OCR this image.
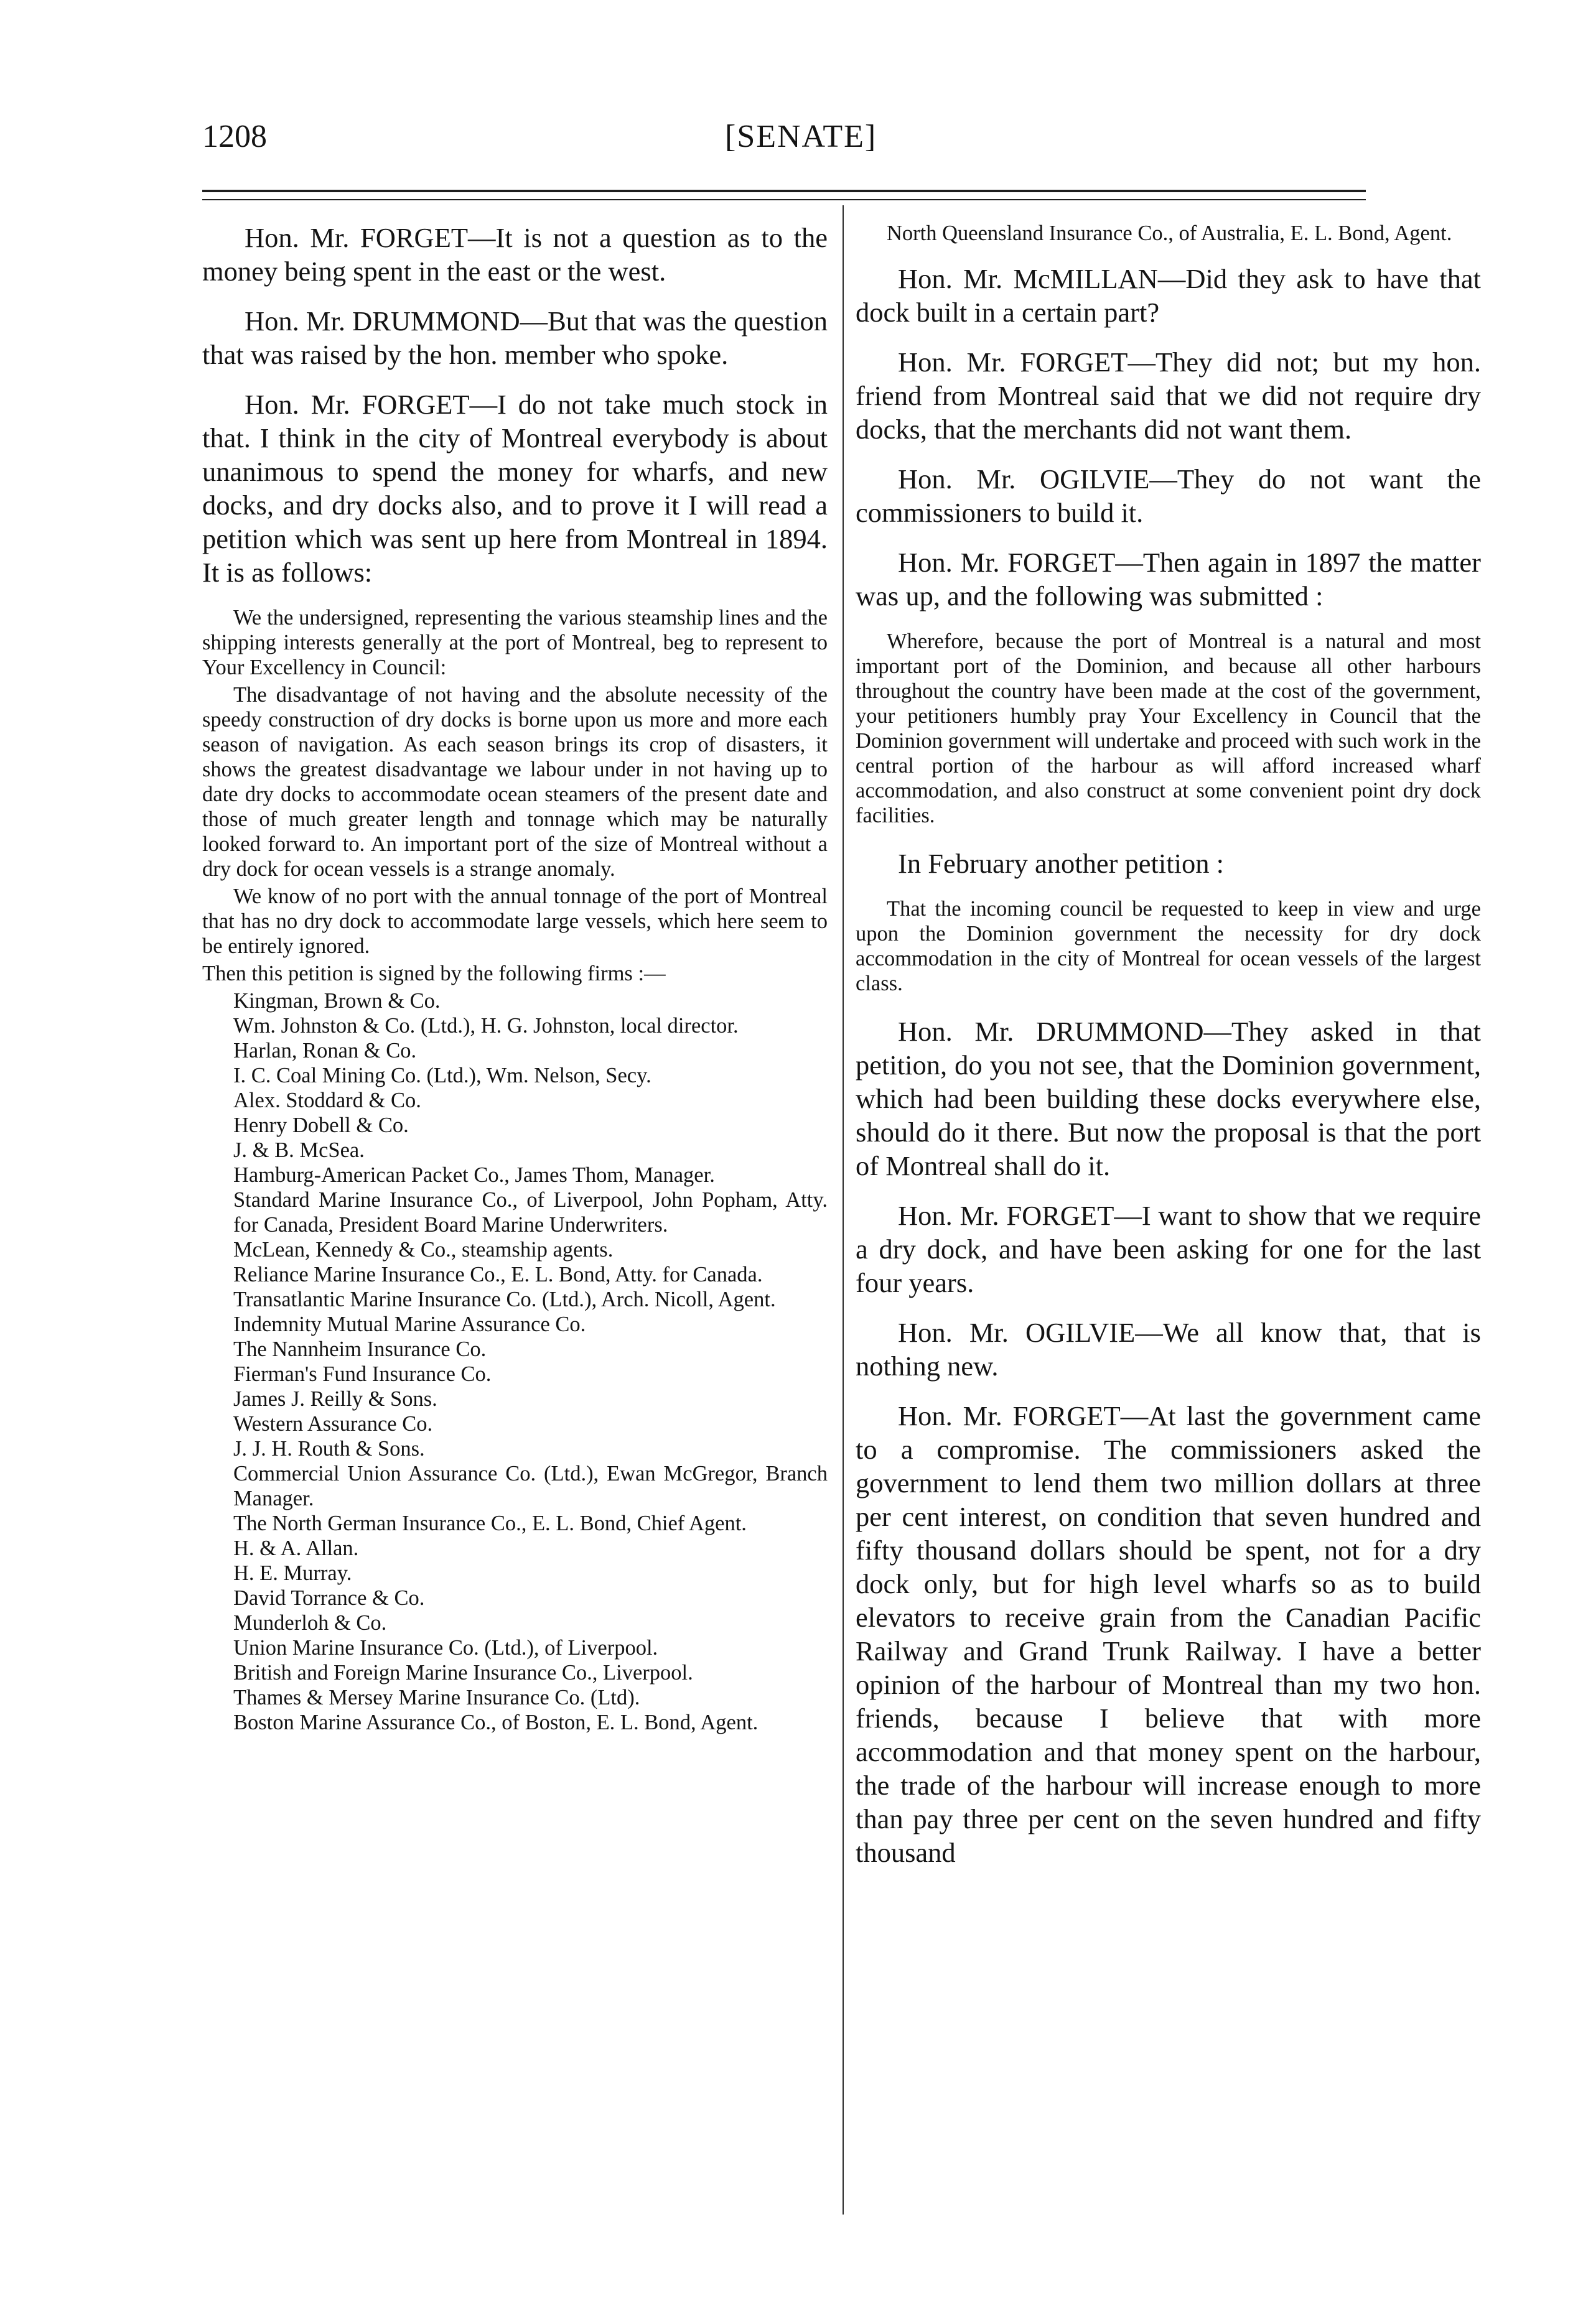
1208	[SENATE]

Hon. Mr. FORGET—It is not a question as to the money being spent in the east or the west.

Hon. Mr. DRUMMOND—But that was the question that was raised by the hon. member who spoke.

Hon. Mr. FORGET—I do not take much stock in that. I think in the city of Montreal everybody is about unanimous to spend the money for wharfs, and new docks, and dry docks also, and to prove it I will read a petition which was sent up here from Montreal in 1894. It is as follows:

We the undersigned, representing the various steamship lines and the shipping interests generally at the port of Montreal, beg to represent to Your Excellency in Council:

The disadvantage of not having and the absolute necessity of the speedy construction of dry docks is borne upon us more and more each season of navigation. As each season brings its crop of disasters, it shows the greatest disadvantage we labour under in not having up to date dry docks to accommodate ocean steamers of the present date and those of much greater length and tonnage which may be naturally looked forward to. An important port of the size of Montreal without a dry dock for ocean vessels is a strange anomaly.

We know of no port with the annual tonnage of the port of Montreal that has no dry dock to accommodate large vessels, which here seem to be entirely ignored.

Then this petition is signed by the following firms :—

Kingman, Brown & Co.

Wm. Johnston & Co. (Ltd.), H. G. Johnston, local director.

Harlan, Ronan & Co.

I. C. Coal Mining Co. (Ltd.), Wm. Nelson, Secy.

Alex. Stoddard & Co.

Henry Dobell & Co.

J. & B. McSea.

Hamburg-American Packet Co., James Thom, Manager.

Standard Marine Insurance Co., of Liverpool, John Popham, Atty. for Canada, President Board Marine Underwriters.

McLean, Kennedy & Co., steamship agents.

Reliance Marine Insurance Co., E. L. Bond, Atty. for Canada.

Transatlantic Marine Insurance Co. (Ltd.), Arch. Nicoll, Agent.

Indemnity Mutual Marine Assurance Co.

The Nannheim Insurance Co.

Fierman's Fund Insurance Co.

James J. Reilly & Sons.

Western Assurance Co.

J. J. H. Routh & Sons.

Commercial Union Assurance Co. (Ltd.), Ewan McGregor, Branch Manager.

The North German Insurance Co., E. L. Bond, Chief Agent.

H. & A. Allan.

H. E. Murray.

David Torrance & Co.

Munderloh & Co.

Union Marine Insurance Co. (Ltd.), of Liverpool.

British and Foreign Marine Insurance Co., Liverpool.

Thames & Mersey Marine Insurance Co. (Ltd).

Boston Marine Assurance Co., of Boston, E. L. Bond, Agent.

North Queensland Insurance Co., of Australia, E. L. Bond, Agent.

Hon. Mr. McMILLAN—Did they ask to have that dock built in a certain part?

Hon. Mr. FORGET—They did not; but my hon. friend from Montreal said that we did not require dry docks, that the merchants did not want them.

Hon. Mr. OGILVIE—They do not want the commissioners to build it.

Hon. Mr. FORGET—Then again in 1897 the matter was up, and the following was submitted :

Wherefore, because the port of Montreal is a natural and most important port of the Dominion, and because all other harbours throughout the country have been made at the cost of the government, your petitioners humbly pray Your Excellency in Council that the Dominion government will undertake and proceed with such work in the central portion of the harbour as will afford increased wharf accommodation, and also construct at some convenient point dry dock facilities.

In February another petition :

That the incoming council be requested to keep in view and urge upon the Dominion government the necessity for dry dock accommodation in the city of Montreal for ocean vessels of the largest class.

Hon. Mr. DRUMMOND—They asked in that petition, do you not see, that the Dominion government, which had been building these docks everywhere else, should do it there. But now the proposal is that the port of Montreal shall do it.

Hon. Mr. FORGET—I want to show that we require a dry dock, and have been asking for one for the last four years.

Hon. Mr. OGILVIE—We all know that, that is nothing new.

Hon. Mr. FORGET—At last the government came to a compromise. The commissioners asked the government to lend them two million dollars at three per cent interest, on condition that seven hundred and fifty thousand dollars should be spent, not for a dry dock only, but for high level wharfs so as to build elevators to receive grain from the Canadian Pacific Railway and Grand Trunk Railway. I have a better opinion of the harbour of Montreal than my two hon. friends, because I believe that with more accommodation and that money spent on the harbour, the trade of the harbour will increase enough to more than pay three per cent on the seven hundred and fifty thousand
